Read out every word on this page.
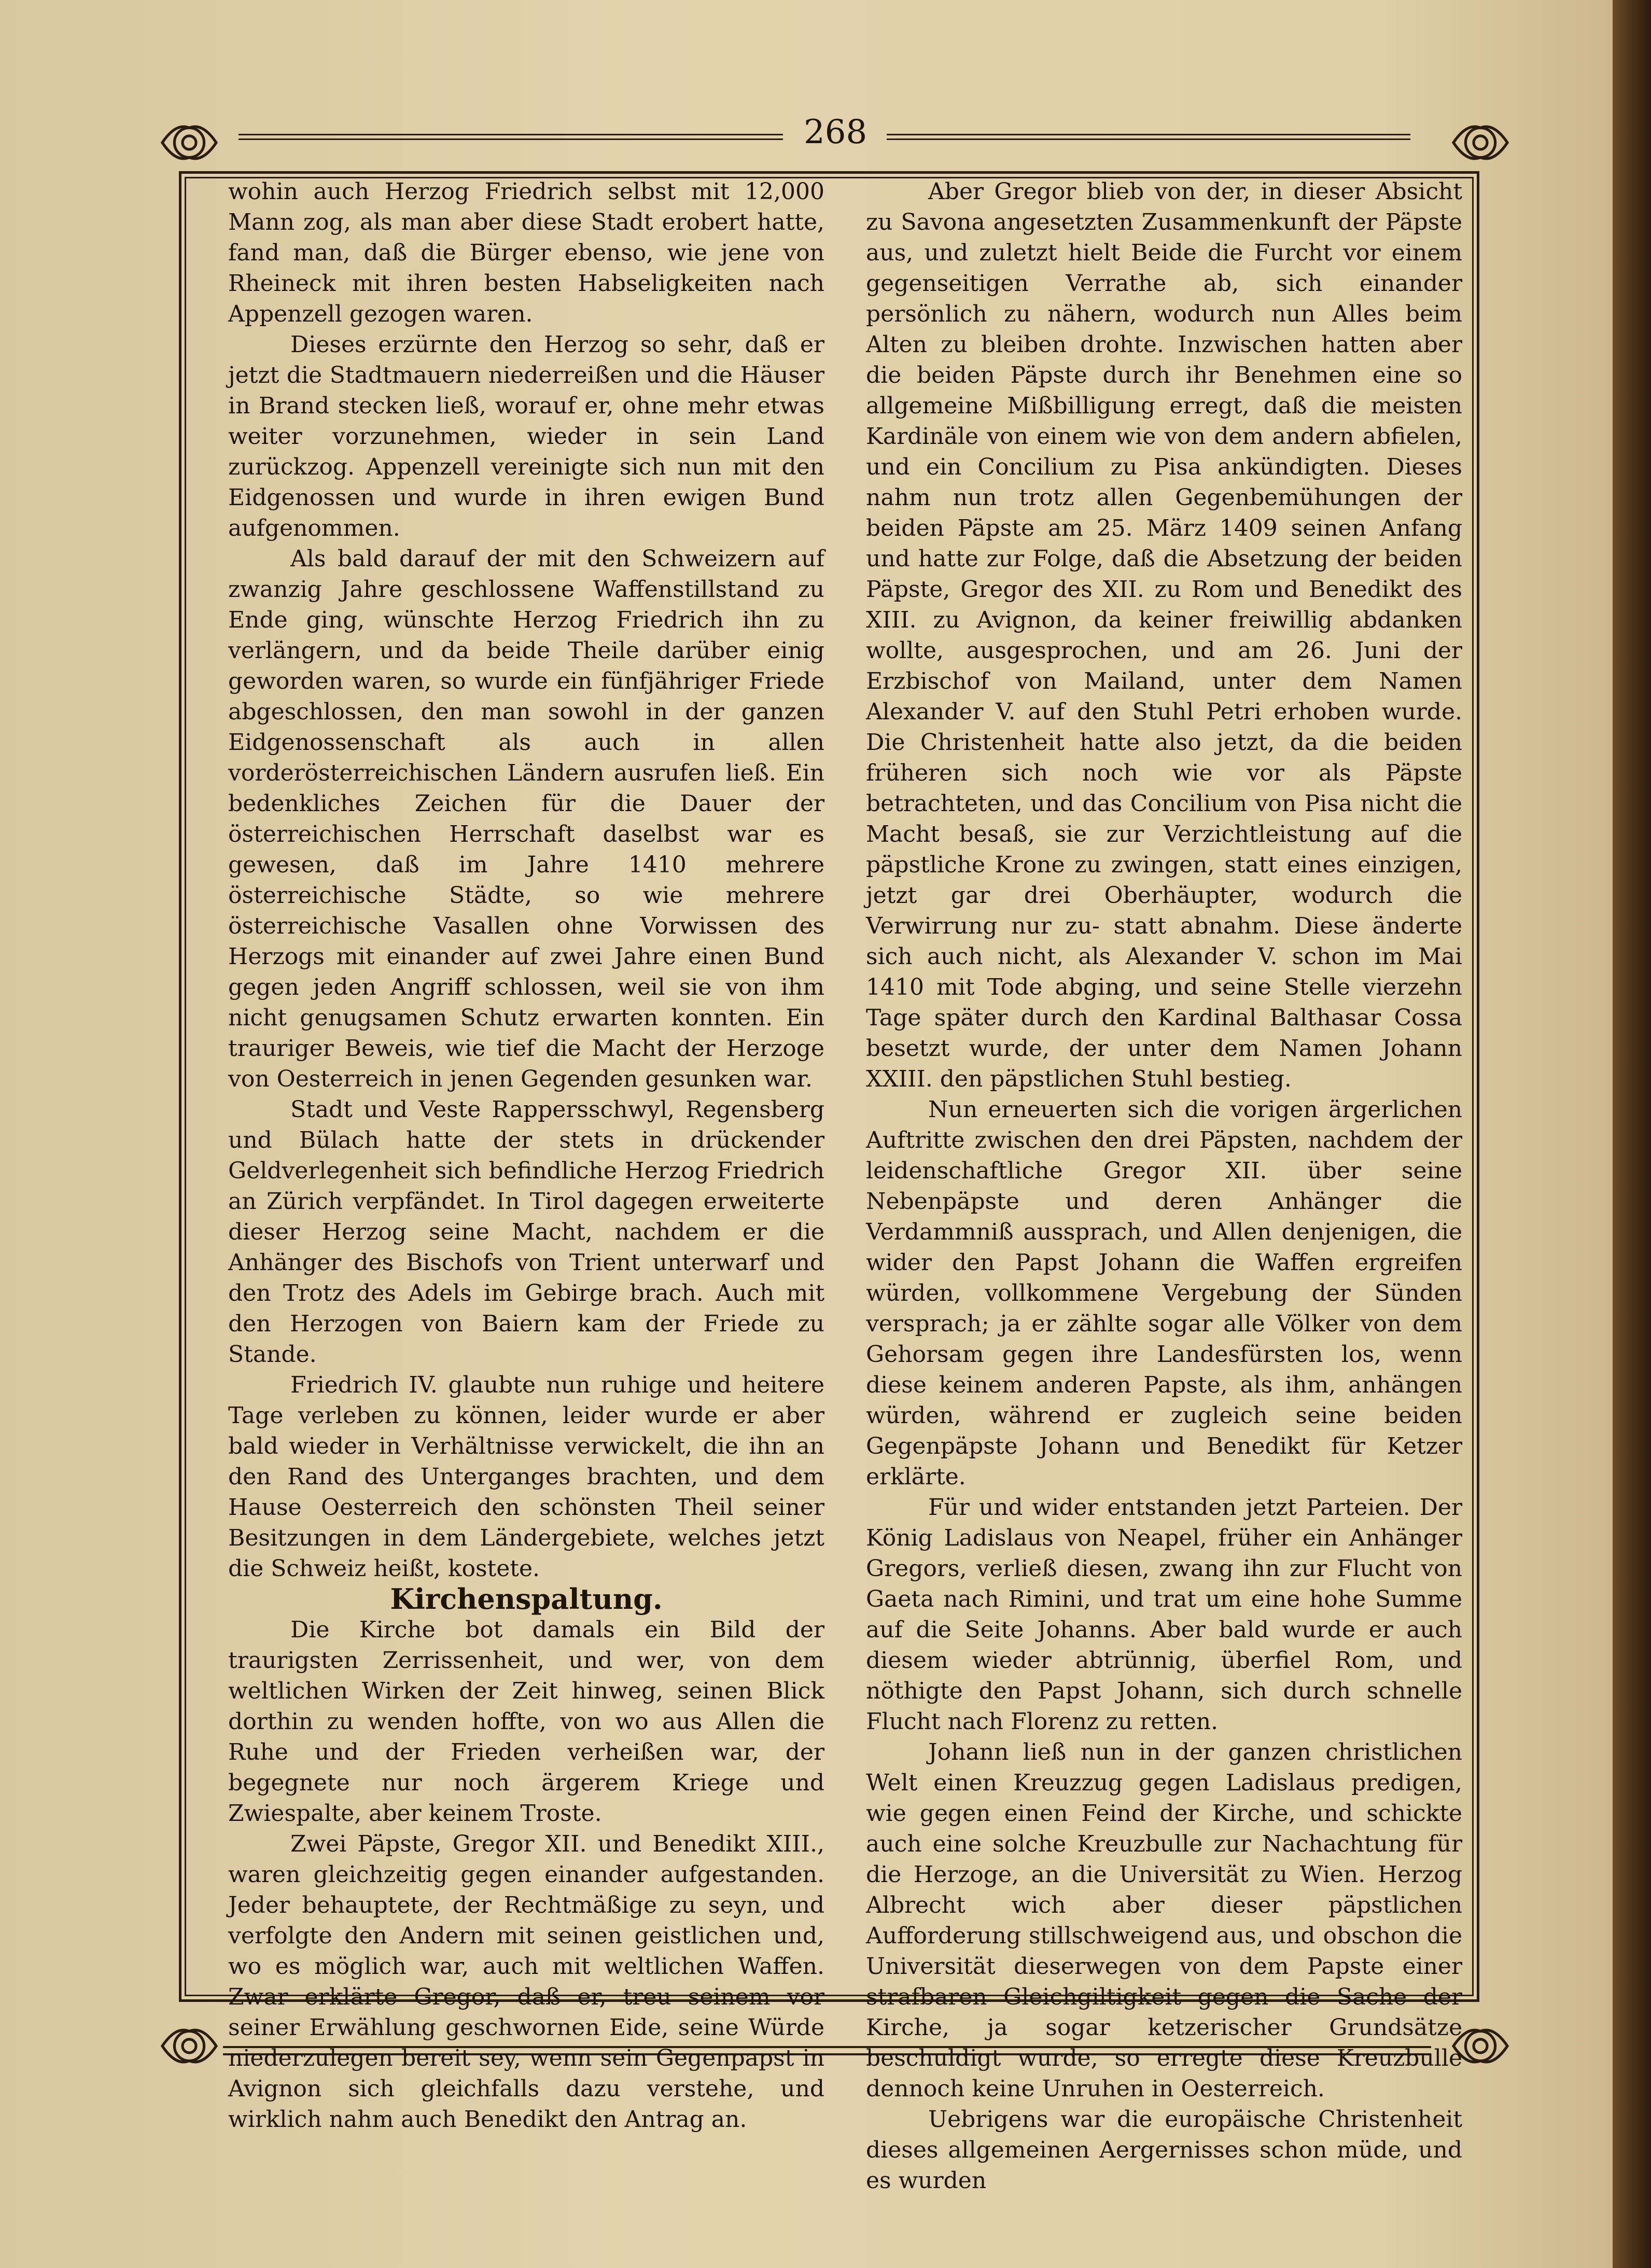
268

wohin auch Herzog Friedrich selbst mit 12,000 Mann zog, als man aber diese Stadt erobert hatte, fand man, daß die Bürger ebenso, wie jene von Rheineck mit ihren besten Habseligkeiten nach Appenzell gezogen waren.

Dieses erzürnte den Herzog so sehr, daß er jetzt die Stadtmauern niederreißen und die Häuser in Brand stecken ließ, worauf er, ohne mehr etwas weiter vorzunehmen, wieder in sein Land zurückzog. Appenzell vereinigte sich nun mit den Eidgenossen und wurde in ihren ewigen Bund aufgenommen.

Als bald darauf der mit den Schweizern auf zwanzig Jahre geschlossene Waffenstillstand zu Ende ging, wünschte Herzog Friedrich ihn zu verlängern, und da beide Theile darüber einig geworden waren, so wurde ein fünfjähriger Friede abgeschlossen, den man sowohl in der ganzen Eidgenossenschaft als auch in allen vorderösterreichischen Ländern ausrufen ließ. Ein bedenkliches Zeichen für die Dauer der österreichischen Herrschaft daselbst war es gewesen, daß im Jahre 1410 mehrere österreichische Städte, so wie mehrere österreichische Vasallen ohne Vorwissen des Herzogs mit einander auf zwei Jahre einen Bund gegen jeden Angriff schlossen, weil sie von ihm nicht genugsamen Schutz erwarten konnten. Ein trauriger Beweis, wie tief die Macht der Herzoge von Oesterreich in jenen Gegenden gesunken war.

Stadt und Veste Rappersschwyl, Regensberg und Bülach hatte der stets in drückender Geldverlegenheit sich befindliche Herzog Friedrich an Zürich verpfändet. In Tirol dagegen erweiterte dieser Herzog seine Macht, nachdem er die Anhänger des Bischofs von Trient unterwarf und den Trotz des Adels im Gebirge brach. Auch mit den Herzogen von Baiern kam der Friede zu Stande.

Friedrich IV. glaubte nun ruhige und heitere Tage verleben zu können, leider wurde er aber bald wieder in Verhältnisse verwickelt, die ihn an den Rand des Unterganges brachten, und dem Hause Oesterreich den schönsten Theil seiner Besitzungen in dem Ländergebiete, welches jetzt die Schweiz heißt, kostete.

Kirchenspaltung.

Die Kirche bot damals ein Bild der traurigsten Zerrissenheit, und wer, von dem weltlichen Wirken der Zeit hinweg, seinen Blick dorthin zu wenden hoffte, von wo aus Allen die Ruhe und der Frieden verheißen war, der begegnete nur noch ärgerem Kriege und Zwiespalte, aber keinem Troste.

Zwei Päpste, Gregor XII. und Benedikt XIII., waren gleichzeitig gegen einander aufgestanden. Jeder behauptete, der Rechtmäßige zu seyn, und verfolgte den Andern mit seinen geistlichen und, wo es möglich war, auch mit weltlichen Waffen. Zwar erklärte Gregor, daß er, treu seinem vor seiner Erwählung geschwornen Eide, seine Würde niederzulegen bereit sey, wenn sein Gegenpapst in Avignon sich gleichfalls dazu verstehe, und wirklich nahm auch Benedikt den Antrag an.

Aber Gregor blieb von der, in dieser Absicht zu Savona angesetzten Zusammenkunft der Päpste aus, und zuletzt hielt Beide die Furcht vor einem gegenseitigen Verrathe ab, sich einander persönlich zu nähern, wodurch nun Alles beim Alten zu bleiben drohte. Inzwischen hatten aber die beiden Päpste durch ihr Benehmen eine so allgemeine Mißbilligung erregt, daß die meisten Kardinäle von einem wie von dem andern abfielen, und ein Concilium zu Pisa ankündigten. Dieses nahm nun trotz allen Gegenbemühungen der beiden Päpste am 25. März 1409 seinen Anfang und hatte zur Folge, daß die Absetzung der beiden Päpste, Gregor des XII. zu Rom und Benedikt des XIII. zu Avignon, da keiner freiwillig abdanken wollte, ausgesprochen, und am 26. Juni der Erzbischof von Mailand, unter dem Namen Alexander V. auf den Stuhl Petri erhoben wurde. Die Christenheit hatte also jetzt, da die beiden früheren sich noch wie vor als Päpste betrachteten, und das Concilium von Pisa nicht die Macht besaß, sie zur Verzichtleistung auf die päpstliche Krone zu zwingen, statt eines einzigen, jetzt gar drei Oberhäupter, wodurch die Verwirrung nur zu- statt abnahm. Diese änderte sich auch nicht, als Alexander V. schon im Mai 1410 mit Tode abging, und seine Stelle vierzehn Tage später durch den Kardinal Balthasar Cossa besetzt wurde, der unter dem Namen Johann XXIII. den päpstlichen Stuhl bestieg.

Nun erneuerten sich die vorigen ärgerlichen Auftritte zwischen den drei Päpsten, nachdem der leidenschaftliche Gregor XII. über seine Nebenpäpste und deren Anhänger die Verdammniß aussprach, und Allen denjenigen, die wider den Papst Johann die Waffen ergreifen würden, vollkommene Vergebung der Sünden versprach; ja er zählte sogar alle Völker von dem Gehorsam gegen ihre Landesfürsten los, wenn diese keinem anderen Papste, als ihm, anhängen würden, während er zugleich seine beiden Gegenpäpste Johann und Benedikt für Ketzer erklärte.

Für und wider entstanden jetzt Parteien. Der König Ladislaus von Neapel, früher ein Anhänger Gregors, verließ diesen, zwang ihn zur Flucht von Gaeta nach Rimini, und trat um eine hohe Summe auf die Seite Johanns. Aber bald wurde er auch diesem wieder abtrünnig, überfiel Rom, und nöthigte den Papst Johann, sich durch schnelle Flucht nach Florenz zu retten.

Johann ließ nun in der ganzen christlichen Welt einen Kreuzzug gegen Ladislaus predigen, wie gegen einen Feind der Kirche, und schickte auch eine solche Kreuzbulle zur Nachachtung für die Herzoge, an die Universität zu Wien. Herzog Albrecht wich aber dieser päpstlichen Aufforderung stillschweigend aus, und obschon die Universität dieserwegen von dem Papste einer strafbaren Gleichgiltigkeit gegen die Sache der Kirche, ja sogar ketzerischer Grundsätze beschuldigt wurde, so erregte diese Kreuzbulle dennoch keine Unruhen in Oesterreich.

Uebrigens war die europäische Christenheit dieses allgemeinen Aergernisses schon müde, und es wurden
